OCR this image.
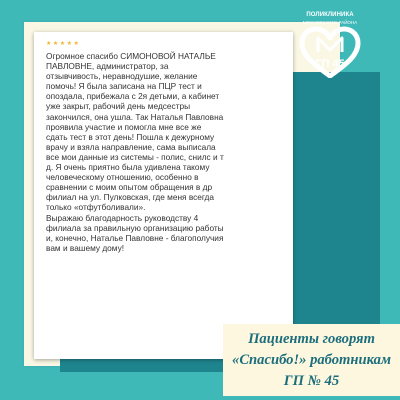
★★★★★

Огромное спасибо СИМОНОВОЙ НАТАЛЬЕ
ПАВЛОВНЕ, администратор, за
отзывчивость, неравнодушие, желание
помочь! Я была записана на ПЦР тест и
опоздала, прибежала с 2я детьми, а кабинет
уже закрыт, рабочий день медсестры
закончился, она ушла. Так Наталья Павловна
проявила участие и помогла мне все же
сдать тест в этот день! Пошла к дежурному
врачу и взяла направление, сама выписала
все мои данные из системы - полис, снилс и т
д. Я очень приятно была удивлена такому
человеческому отношению, особенно в
сравнении с моим опытом обращения в др
филиал на ул. Пулковская, где меня всегда
только «отфутболивали».
Выражаю благодарность руководству 4
филиала за правильную организацию работы
и, конечно, Наталье Павловне - благополучия
вам и вашему дому!

ПОЛИКЛИНИКА
МОСКОВСКОГО РАЙОНА
ГП 45
Пациенты говорят
«Спасибо!» работникам
ГП № 45
